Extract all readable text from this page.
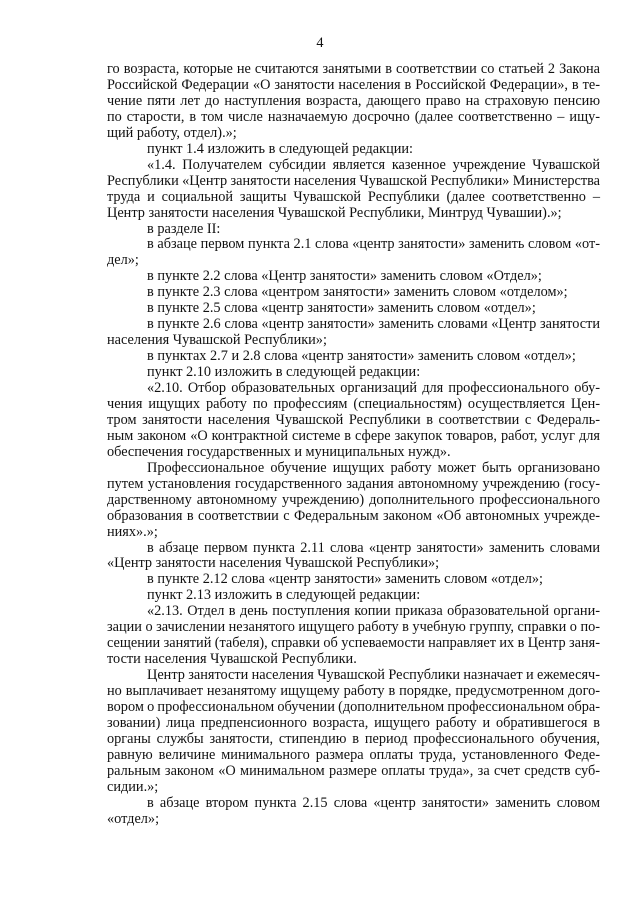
4
го возраста, которые не считаются занятыми в соответствии со статьей 2 Закона
Российской Федерации «О занятости населения в Российской Федерации», в те-
чение пяти лет до наступления возраста, дающего право на страховую пенсию
по старости, в том числе назначаемую досрочно (далее соответственно – ищу-
щий работу, отдел).»;
пункт 1.4 изложить в следующей редакции:
«1.4. Получателем субсидии является казенное учреждение Чувашской
Республики «Центр занятости населения Чувашской Республики» Министерства
труда и социальной защиты Чувашской Республики (далее соответственно –
Центр занятости населения Чувашской Республики, Минтруд Чувашии).»;
в разделе II:
в абзаце первом пункта 2.1 слова «центр занятости» заменить словом «от-
дел»;
в пункте 2.2 слова «Центр занятости» заменить словом «Отдел»;
в пункте 2.3 слова «центром занятости» заменить словом «отделом»;
в пункте 2.5 слова «центр занятости» заменить словом «отдел»;
в пункте 2.6 слова «центр занятости» заменить словами «Центр занятости
населения Чувашской Республики»;
в пунктах 2.7 и 2.8 слова «центр занятости» заменить словом «отдел»;
пункт 2.10 изложить в следующей редакции:
«2.10. Отбор образовательных организаций для профессионального обу-
чения ищущих работу по профессиям (специальностям) осуществляется Цен-
тром занятости населения Чувашской Республики в соответствии с Федераль-
ным законом «О контрактной системе в сфере закупок товаров, работ, услуг для
обеспечения государственных и муниципальных нужд».
Профессиональное обучение ищущих работу может быть организовано
путем установления государственного задания автономному учреждению (госу-
дарственному автономному учреждению) дополнительного профессионального
образования в соответствии с Федеральным законом «Об автономных учрежде-
ниях».»;
в абзаце первом пункта 2.11 слова «центр занятости» заменить словами
«Центр занятости населения Чувашской Республики»;
в пункте 2.12 слова «центр занятости» заменить словом «отдел»;
пункт 2.13 изложить в следующей редакции:
«2.13. Отдел в день поступления копии приказа образовательной органи-
зации о зачислении незанятого ищущего работу в учебную группу, справки о по-
сещении занятий (табеля), справки об успеваемости направляет их в Центр заня-
тости населения Чувашской Республики.
Центр занятости населения Чувашской Республики назначает и ежемесяч-
но выплачивает незанятому ищущему работу в порядке, предусмотренном дого-
вором о профессиональном обучении (дополнительном профессиональном обра-
зовании) лица предпенсионного возраста, ищущего работу и обратившегося в
органы службы занятости, стипендию в период профессионального обучения,
равную величине минимального размера оплаты труда, установленного Феде-
ральным законом «О минимальном размере оплаты труда», за счет средств суб-
сидии.»;
в абзаце втором пункта 2.15 слова «центр занятости» заменить словом
«отдел»;
